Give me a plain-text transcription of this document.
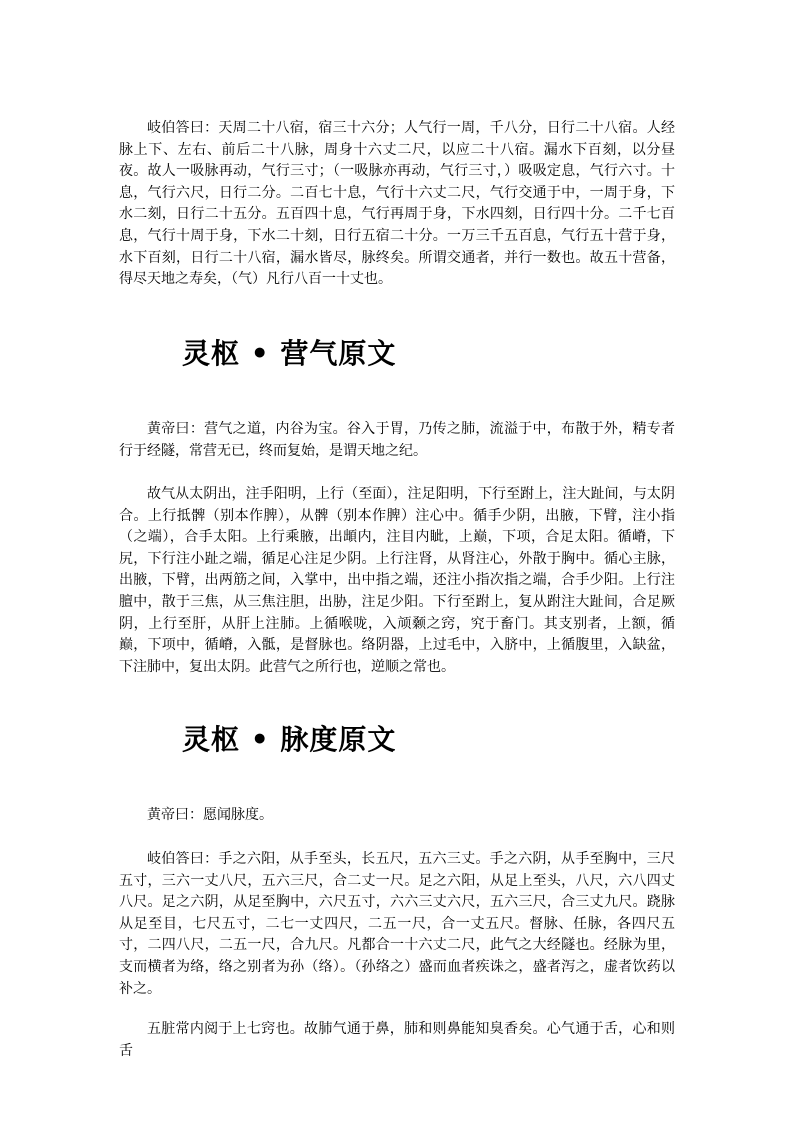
岐伯答曰：天周二十八宿，宿三十六分；人气行一周，千八分，日行二十八宿。人经脉上下、左右、前后二十八脉，周身十六丈二尺，以应二十八宿。漏水下百刻，以分昼夜。故人一吸脉再动，气行三寸；（一吸脉亦再动，气行三寸，）吸吸定息，气行六寸。十息，气行六尺，日行二分。二百七十息，气行十六丈二尺，气行交通于中，一周于身，下水二刻，日行二十五分。五百四十息，气行再周于身，下水四刻，日行四十分。二千七百息，气行十周于身，下水二十刻，日行五宿二十分。一万三千五百息，气行五十营于身，水下百刻，日行二十八宿，漏水皆尽，脉终矣。所谓交通者，并行一数也。故五十营备，得尽天地之寿矣，（气）凡行八百一十丈也。

灵枢 • 营气原文

黄帝曰：营气之道，内谷为宝。谷入于胃，乃传之肺，流溢于中，布散于外，精专者行于经隧，常营无已，终而复始，是谓天地之纪。

故气从太阴出，注手阳明，上行（至面），注足阳明，下行至跗上，注大趾间，与太阴合。上行抵髀（别本作脾），从髀（别本作脾）注心中。循手少阴，出腋，下臂，注小指（之端），合手太阳。上行乘腋，出䪼内，注目内眦，上巅，下项，合足太阳。循嵴，下尻，下行注小趾之端，循足心注足少阴。上行注肾，从肾注心，外散于胸中。循心主脉，出腋，下臂，出两筋之间，入掌中，出中指之端，还注小指次指之端，合手少阳。上行注膻中，散于三焦，从三焦注胆，出胁，注足少阳。下行至跗上，复从跗注大趾间，合足厥阴，上行至肝，从肝上注肺。上循喉咙，入颃颡之窍，究于畜门。其支别者，上额，循巅，下项中，循嵴，入骶，是督脉也。络阴器，上过毛中，入脐中，上循腹里，入缺盆，下注肺中，复出太阴。此营气之所行也，逆顺之常也。

灵枢 • 脉度原文

黄帝曰：愿闻脉度。

岐伯答曰：手之六阳，从手至头，长五尺，五六三丈。手之六阴，从手至胸中，三尺五寸，三六一丈八尺，五六三尺，合二丈一尺。足之六阳，从足上至头，八尺，六八四丈八尺。足之六阴，从足至胸中，六尺五寸，六六三丈六尺，五六三尺，合三丈九尺。跷脉从足至目，七尺五寸，二七一丈四尺，二五一尺，合一丈五尺。督脉、任脉，各四尺五寸，二四八尺，二五一尺，合九尺。凡都合一十六丈二尺，此气之大经隧也。经脉为里，支而横者为络，络之别者为孙（络）。（孙络之）盛而血者疾诛之，盛者泻之，虚者饮药以补之。

五脏常内阅于上七窍也。故肺气通于鼻，肺和则鼻能知臭香矣。心气通于舌，心和则舌
